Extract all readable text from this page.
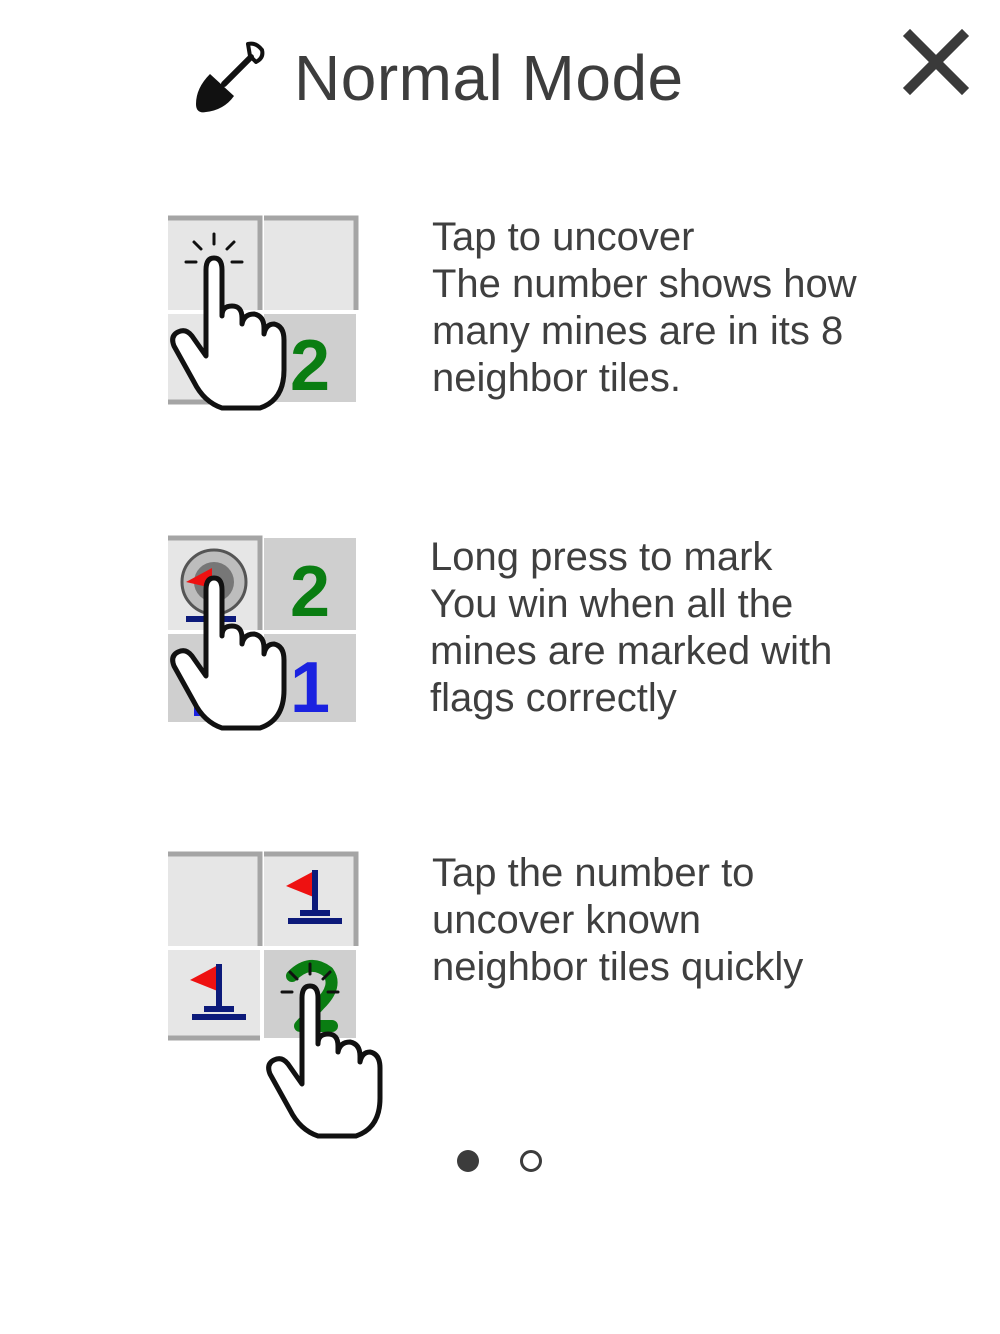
Normal Mode
2
Tap to uncover
The number shows how
many mines are in its 8
neighbor tiles.
2
1
Long press to mark
You win when all the
mines are marked with
flags correctly
Tap the number to
uncover known
neighbor tiles quickly
